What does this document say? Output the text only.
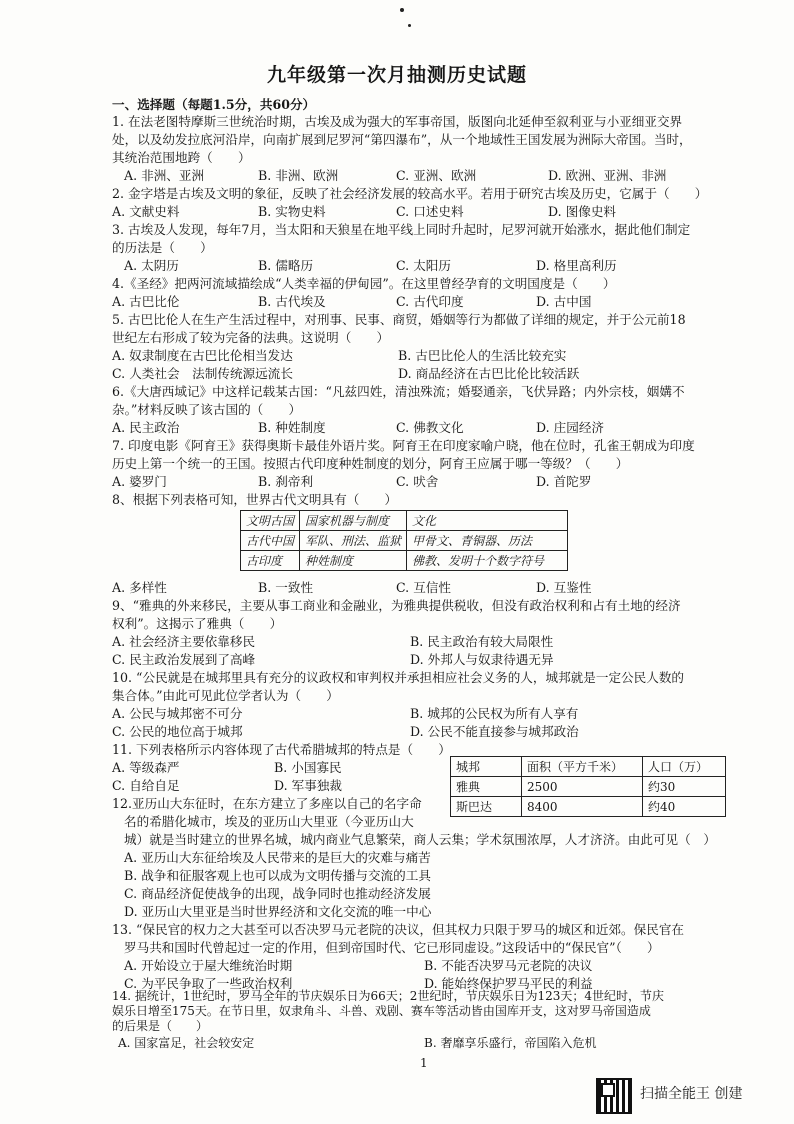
九年级第一次月抽测历史试题
一、选择题（每题1.5分，共60分）
1. 在法老图特摩斯三世统治时期，古埃及成为强大的军事帝国，版图向北延伸至叙利亚与小亚细亚交界
处，以及幼发拉底河沿岸，向南扩展到尼罗河“第四瀑布”，从一个地域性王国发展为洲际大帝国。当时，
其统治范围地跨（　　）
A. 非洲、亚洲	B. 非洲、欧洲	C. 亚洲、欧洲	D. 欧洲、亚洲、非洲
2. 金字塔是古埃及文明的象征，反映了社会经济发展的较高水平。若用于研究古埃及历史，它属于（　　）
A. 文献史料	B. 实物史料	C. 口述史料	D. 图像史料
3. 古埃及人发现，每年7月，当太阳和天狼星在地平线上同时升起时，尼罗河就开始涨水，据此他们制定
的历法是（　　）
A. 太阴历	B. 儒略历	C. 太阳历	D. 格里高利历
4.《圣经》把两河流域描绘成“人类幸福的伊甸园”。在这里曾经孕育的文明国度是（　　）
A. 古巴比伦	B. 古代埃及	C. 古代印度	D. 古中国
5. 古巴比伦人在生产生活过程中，对刑事、民事、商贸，婚姻等行为都做了详细的规定，并于公元前18
世纪左右形成了较为完备的法典。这说明（　　）
A. 奴隶制度在古巴比伦相当发达	B. 古巴比伦人的生活比较充实
C. 人类社会　法制传统源远流长	D. 商品经济在古巴比伦比较活跃
6.《大唐西域记》中这样记载某古国：“凡兹四姓，清浊殊流；婚娶通亲，飞伏异路；内外宗枝，姻媾不
杂。”材料反映了该古国的（　　）
A. 民主政治	B. 种姓制度	C. 佛教文化	D. 庄园经济
7. 印度电影《阿育王》获得奥斯卡最佳外语片奖。阿育王在印度家喻户晓，他在位时，孔雀王朝成为印度
历史上第一个统一的王国。按照古代印度种姓制度的划分，阿育王应属于哪一等级？（　　）
A. 婆罗门	B. 刹帝利	C. 吠舍	D. 首陀罗
8、根据下列表格可知，世界古代文明具有（　　）
文明古国	国家机器与制度	文化
古代中国	军队、刑法、监狱	甲骨文、青铜器、历法
古印度	种姓制度	佛教、发明十个数字符号
A. 多样性	B. 一致性	C. 互信性	D. 互鉴性
9、“雅典的外来移民，主要从事工商业和金融业，为雅典提供税收，但没有政治权利和占有土地的经济
权利”。这揭示了雅典（　　）
A. 社会经济主要依靠移民	B. 民主政治有较大局限性
C. 民主政治发展到了高峰	D. 外邦人与奴隶待遇无异
10. “公民就是在城邦里具有充分的议政权和审判权并承担相应社会义务的人，城邦就是一定公民人数的
集合体。”由此可见此位学者认为（　　）
A. 公民与城邦密不可分	B. 城邦的公民权为所有人享有
C. 公民的地位高于城邦	D. 公民不能直接参与城邦政治
11. 下列表格所示内容体现了古代希腊城邦的特点是（　　）
A. 等级森严	B. 小国寡民
C. 自给自足	D. 军事独裁
城邦	面积（平方千米）	人口（万）
雅典	2500	约30
斯巴达	8400	约40
12.亚历山大东征时，在东方建立了多座以自己的名字命
名的希腊化城市，埃及的亚历山大里亚（今亚历山大
城）就是当时建立的世界名城，城内商业气息繁荣，商人云集；学术氛围浓厚，人才济济。由此可见（　）
A. 亚历山大东征给埃及人民带来的是巨大的灾难与痛苦
B. 战争和征服客观上也可以成为文明传播与交流的工具
C. 商品经济促使战争的出现，战争同时也推动经济发展
D. 亚历山大里亚是当时世界经济和文化交流的唯一中心
13. “保民官的权力之大甚至可以否决罗马元老院的决议，但其权力只限于罗马的城区和近郊。保民官在
罗马共和国时代曾起过一定的作用，但到帝国时代、它已形同虚设。”这段话中的“保民官”（　　）
A. 开始设立于屋大维统治时期	B. 不能否决罗马元老院的决议
C. 为平民争取了一些政治权利	D. 能始终保护罗马平民的利益
14. 据统计，1世纪时，罗马全年的节庆娱乐日为66天；2世纪时，节庆娱乐日为123天；4世纪时，节庆
娱乐日增至175天。在节日里，奴隶角斗、斗兽、戏剧、赛车等活动皆由国库开支，这对罗马帝国造成
的后果是（　　）
A. 国家富足，社会较安定	B. 奢靡享乐盛行，帝国陷入危机
1
扫描全能王 创建
